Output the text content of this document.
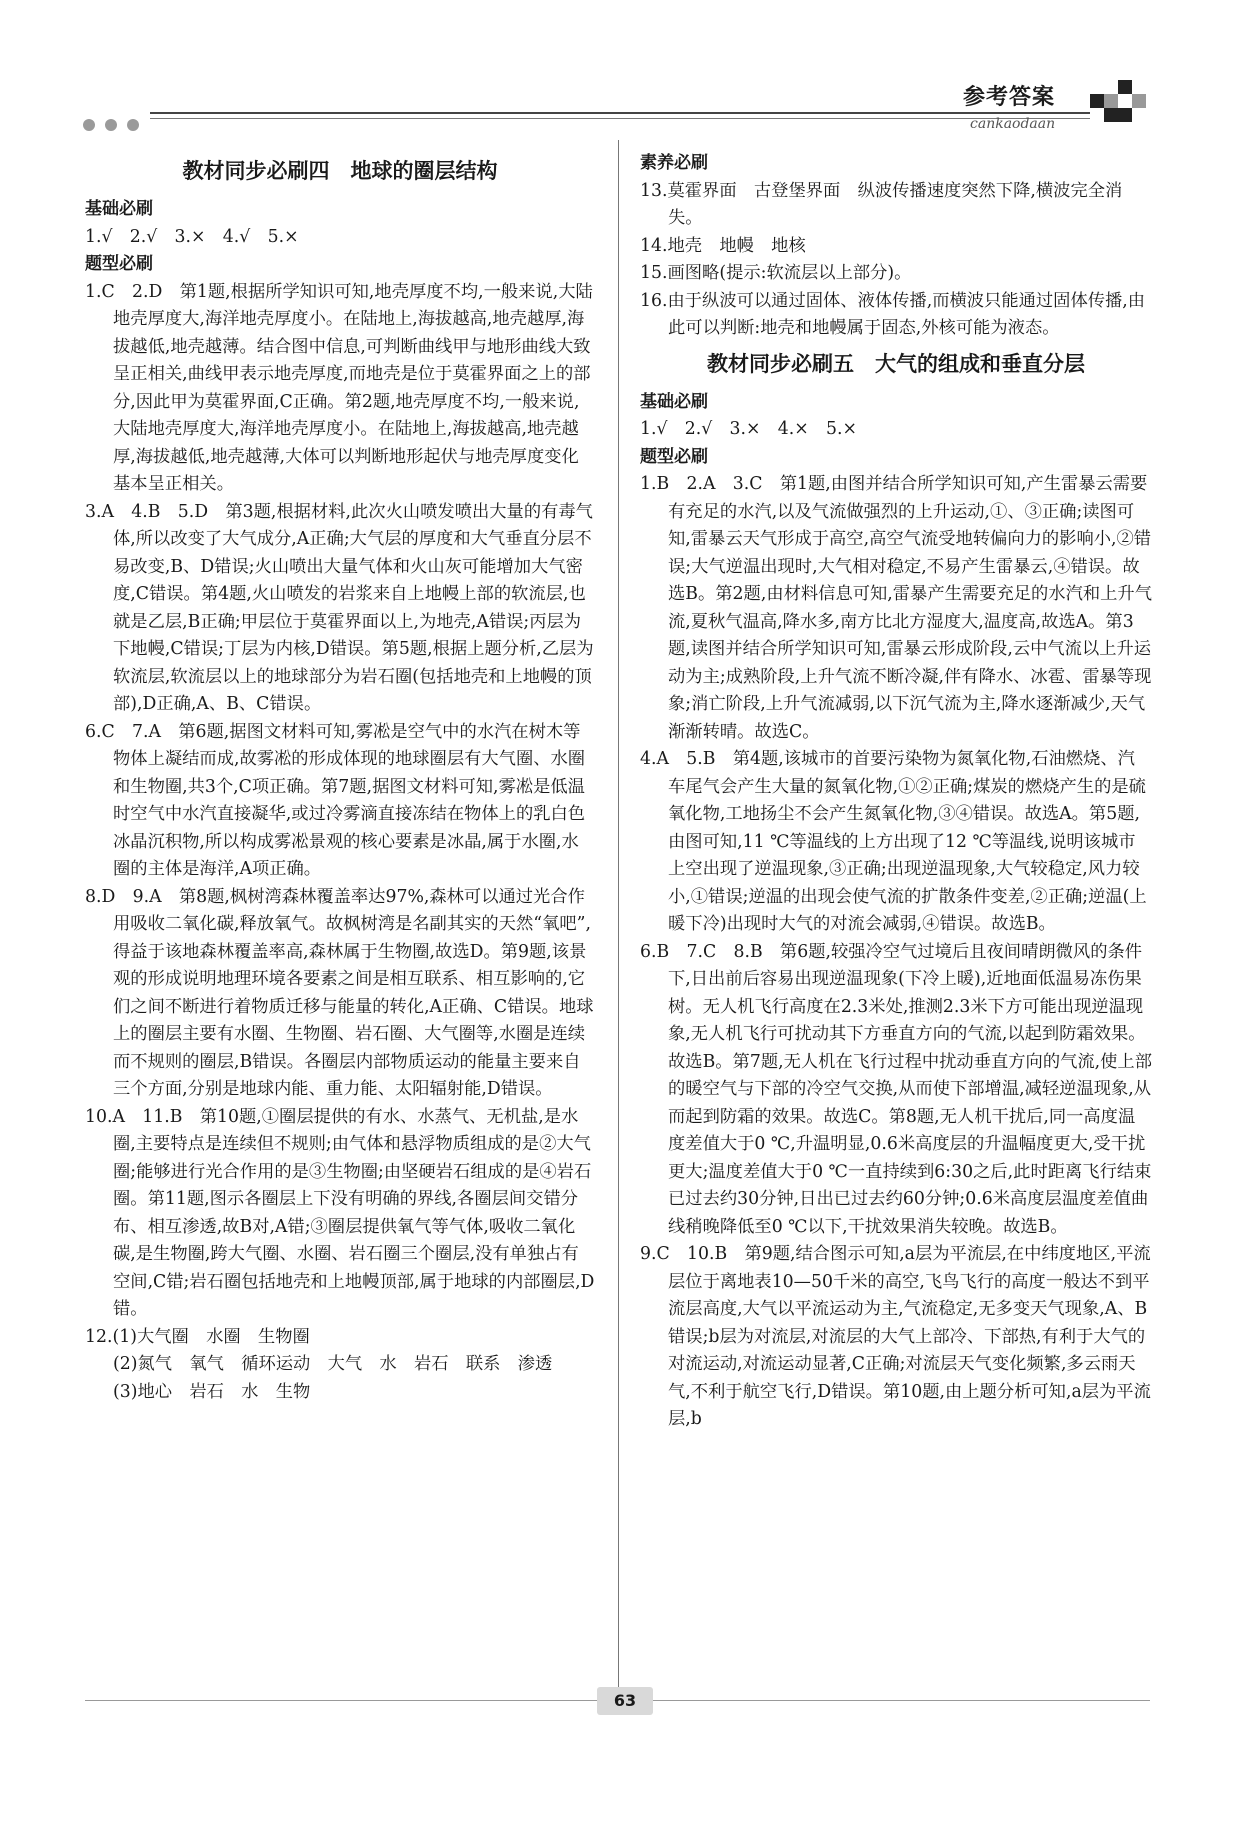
参考答案
cankaodaan
教材同步必刷四　地球的圈层结构
基础必刷

1.√　2.√　3.×　4.√　5.×

题型必刷

1.C　2.D　第1题,根据所学知识可知,地壳厚度不均,一般来说,大陆地壳厚度大,海洋地壳厚度小。在陆地上,海拔越高,地壳越厚,海拔越低,地壳越薄。结合图中信息,可判断曲线甲与地形曲线大致呈正相关,曲线甲表示地壳厚度,而地壳是位于莫霍界面之上的部分,因此甲为莫霍界面,C正确。第2题,地壳厚度不均,一般来说,大陆地壳厚度大,海洋地壳厚度小。在陆地上,海拔越高,地壳越厚,海拔越低,地壳越薄,大体可以判断地形起伏与地壳厚度变化基本呈正相关。

3.A　4.B　5.D　第3题,根据材料,此次火山喷发喷出大量的有毒气体,所以改变了大气成分,A正确;大气层的厚度和大气垂直分层不易改变,B、D错误;火山喷出大量气体和火山灰可能增加大气密度,C错误。第4题,火山喷发的岩浆来自上地幔上部的软流层,也就是乙层,B正确;甲层位于莫霍界面以上,为地壳,A错误;丙层为下地幔,C错误;丁层为内核,D错误。第5题,根据上题分析,乙层为软流层,软流层以上的地球部分为岩石圈(包括地壳和上地幔的顶部),D正确,A、B、C错误。

6.C　7.A　第6题,据图文材料可知,雾凇是空气中的水汽在树木等物体上凝结而成,故雾凇的形成体现的地球圈层有大气圈、水圈和生物圈,共3个,C项正确。第7题,据图文材料可知,雾凇是低温时空气中水汽直接凝华,或过冷雾滴直接冻结在物体上的乳白色冰晶沉积物,所以构成雾凇景观的核心要素是冰晶,属于水圈,水圈的主体是海洋,A项正确。

8.D　9.A　第8题,枫树湾森林覆盖率达97%,森林可以通过光合作用吸收二氧化碳,释放氧气。故枫树湾是名副其实的天然“氧吧”,得益于该地森林覆盖率高,森林属于生物圈,故选D。第9题,该景观的形成说明地理环境各要素之间是相互联系、相互影响的,它们之间不断进行着物质迁移与能量的转化,A正确、C错误。地球上的圈层主要有水圈、生物圈、岩石圈、大气圈等,水圈是连续而不规则的圈层,B错误。各圈层内部物质运动的能量主要来自三个方面,分别是地球内能、重力能、太阳辐射能,D错误。

10.A　11.B　第10题,①圈层提供的有水、水蒸气、无机盐,是水圈,主要特点是连续但不规则;由气体和悬浮物质组成的是②大气圈;能够进行光合作用的是③生物圈;由坚硬岩石组成的是④岩石圈。第11题,图示各圈层上下没有明确的界线,各圈层间交错分布、相互渗透,故B对,A错;③圈层提供氧气等气体,吸收二氧化碳,是生物圈,跨大气圈、水圈、岩石圈三个圈层,没有单独占有空间,C错;岩石圈包括地壳和上地幔顶部,属于地球的内部圈层,D错。

12.(1)大气圈　水圈　生物圈

(2)氮气　氧气　循环运动　大气　水　岩石　联系　渗透

(3)地心　岩石　水　生物

素养必刷

13.莫霍界面　古登堡界面　纵波传播速度突然下降,横波完全消失。

14.地壳　地幔　地核

15.画图略(提示:软流层以上部分)。

16.由于纵波可以通过固体、液体传播,而横波只能通过固体传播,由此可以判断:地壳和地幔属于固态,外核可能为液态。

教材同步必刷五　大气的组成和垂直分层
基础必刷

1.√　2.√　3.×　4.×　5.×

题型必刷

1.B　2.A　3.C　第1题,由图并结合所学知识可知,产生雷暴云需要有充足的水汽,以及气流做强烈的上升运动,①、③正确;读图可知,雷暴云天气形成于高空,高空气流受地转偏向力的影响小,②错误;大气逆温出现时,大气相对稳定,不易产生雷暴云,④错误。故选B。第2题,由材料信息可知,雷暴产生需要充足的水汽和上升气流,夏秋气温高,降水多,南方比北方湿度大,温度高,故选A。第3题,读图并结合所学知识可知,雷暴云形成阶段,云中气流以上升运动为主;成熟阶段,上升气流不断冷凝,伴有降水、冰雹、雷暴等现象;消亡阶段,上升气流减弱,以下沉气流为主,降水逐渐减少,天气渐渐转晴。故选C。

4.A　5.B　第4题,该城市的首要污染物为氮氧化物,石油燃烧、汽车尾气会产生大量的氮氧化物,①②正确;煤炭的燃烧产生的是硫氧化物,工地扬尘不会产生氮氧化物,③④错误。故选A。第5题,由图可知,11 ℃等温线的上方出现了12 ℃等温线,说明该城市上空出现了逆温现象,③正确;出现逆温现象,大气较稳定,风力较小,①错误;逆温的出现会使气流的扩散条件变差,②正确;逆温(上暖下冷)出现时大气的对流会减弱,④错误。故选B。

6.B　7.C　8.B　第6题,较强冷空气过境后且夜间晴朗微风的条件下,日出前后容易出现逆温现象(下冷上暖),近地面低温易冻伤果树。无人机飞行高度在2.3米处,推测2.3米下方可能出现逆温现象,无人机飞行可扰动其下方垂直方向的气流,以起到防霜效果。故选B。第7题,无人机在飞行过程中扰动垂直方向的气流,使上部的暖空气与下部的冷空气交换,从而使下部增温,减轻逆温现象,从而起到防霜的效果。故选C。第8题,无人机干扰后,同一高度温度差值大于0 ℃,升温明显,0.6米高度层的升温幅度更大,受干扰更大;温度差值大于0 ℃一直持续到6:30之后,此时距离飞行结束已过去约30分钟,日出已过去约60分钟;0.6米高度层温度差值曲线稍晚降低至0 ℃以下,干扰效果消失较晚。故选B。

9.C　10.B　第9题,结合图示可知,a层为平流层,在中纬度地区,平流层位于离地表10—50千米的高空,飞鸟飞行的高度一般达不到平流层高度,大气以平流运动为主,气流稳定,无多变天气现象,A、B错误;b层为对流层,对流层的大气上部冷、下部热,有利于大气的对流运动,对流运动显著,C正确;对流层天气变化频繁,多云雨天气,不利于航空飞行,D错误。第10题,由上题分析可知,a层为平流层,b

63
